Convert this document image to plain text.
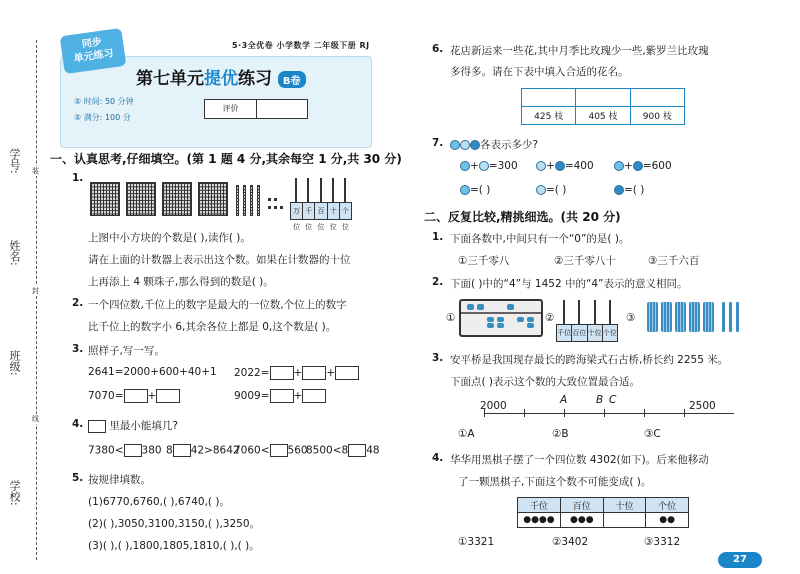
学号:
姓名:
班级:
学校:
装
封
线
5·3全优卷 小学数学 二年级下册 RJ
同步
单元练习
第七单元提优练习 B卷
⑤ 时间: 50 分钟
⑤ 满分: 100 分
评价
一、认真思考,仔细填空。(第 1 题 4 分,其余每空 1 分,共 30 分)
1.
万位
千位
百位
十位
个位
上图中小方块的个数是( ),读作( )。
请在上面的计数器上表示出这个数。如果在计数器的十位
上再添上 4 颗珠子,那么得到的数是( )。
2. 一个四位数,千位上的数字是最大的一位数,个位上的数字
比千位上的数字小 6,其余各位上都是 0,这个数是( )。
3. 照样子,写一写。
2641=2000+600+40+1 2022= + +
7070= +	9009= +
4.	里最小能填几?
7380< 380 8 42>8642
7060< 560
8500<8 48
5. 按规律填数。
(1)6770,6760,( ),6740,( )。
(2)( ),3050,3100,3150,( ),3250。
(3)( ),( ),1800,1805,1810,( ),( )。
6. 花店新运来一些花,其中月季比玫瑰少一些,紫罗兰比玫瑰
多得多。请在下表中填入合适的花名。

425 枝	405 枝	900 枝
7.	各表示多少?
+ =300	+ =400	+ =600
=( )	=( )	=( )
二、反复比较,精挑细选。(共 20 分)
1. 下面各数中,中间只有一个“0”的是( )。
①三千零八	②三千零八十	③三千六百
2. 下面( )中的“4”与 1452 中的“4”表示的意义相同。
①	②
千位 百位 十位 个位
③
3. 安平桥是我国现存最长的跨海梁式石古桥,桥长约 2255 米。
下面点( )表示这个数的大致位置最合适。
2000	2500
A	B C
①A	②B	③C
4. 华华用黑棋子摆了一个四位数 4302(如下)。后来他移动
了一颗黑棋子,下面这个数不可能变成( )。
千位	百位	十位	个位
●●●●	●●●		●●
①3321	②3402	③3312
27
